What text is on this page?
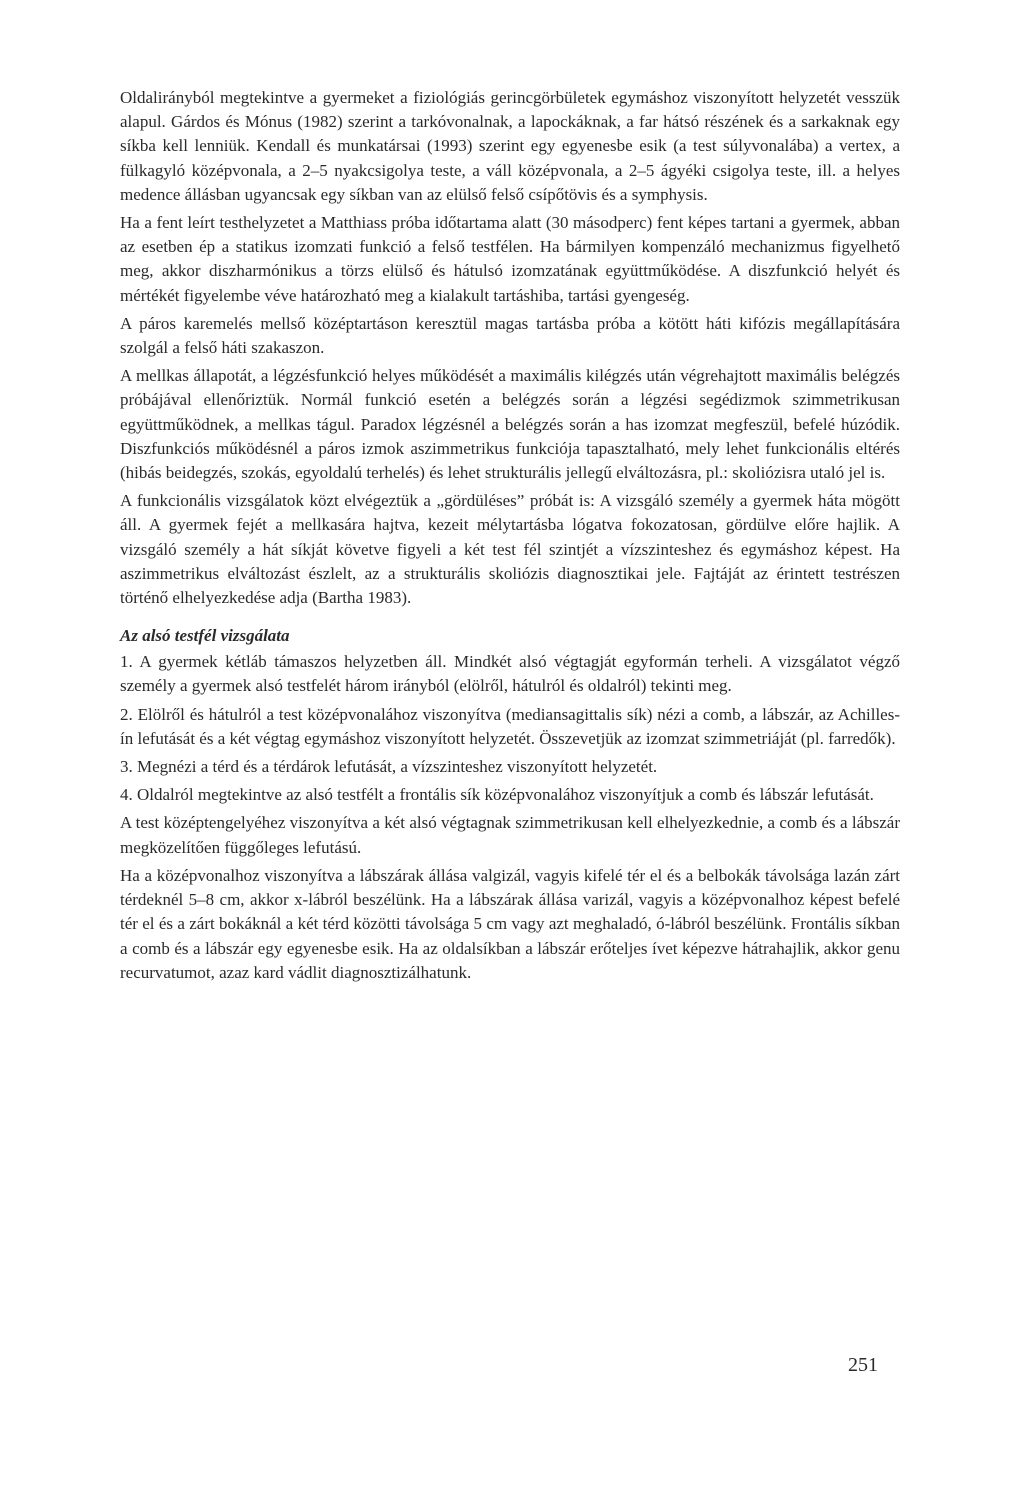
Oldalirányból megtekintve a gyermeket a fiziológiás gerincgörbületek egymáshoz viszonyított helyzetét vesszük alapul. Gárdos és Mónus (1982) szerint a tarkóvonalnak, a lapockáknak, a far hátsó részének és a sarkaknak egy síkba kell lenniük. Kendall és munkatársai (1993) szerint egy egyenesbe esik (a test súlyvonalába) a vertex, a fülkagyló középvonala, a 2–5 nyakcsigolya teste, a váll középvonala, a 2–5 ágyéki csigolya teste, ill. a helyes medence állásban ugyancsak egy síkban van az elülső felső csípőtövis és a symphysis.

Ha a fent leírt testhelyzetet a Matthiass próba időtartama alatt (30 másodperc) fent képes tartani a gyermek, abban az esetben ép a statikus izomzati funkció a felső testfélen. Ha bármilyen kompenzáló mechanizmus figyelhető meg, akkor diszharmónikus a törzs elülső és hátulsó izomzatának együttműködése. A diszfunkció helyét és mértékét figyelembe véve határozható meg a kialakult tartáshiba, tartási gyengeség.

A páros karemelés mellső középtartáson keresztül magas tartásba próba a kötött háti kifózis megállapítására szolgál a felső háti szakaszon.

A mellkas állapotát, a légzésfunkció helyes működését a maximális kilégzés után végrehajtott maximális belégzés próbájával ellenőriztük. Normál funkció esetén a belégzés során a légzési segédizmok szimmetrikusan együttműködnek, a mellkas tágul. Paradox légzésnél a belégzés során a has izomzat megfeszül, befelé húzódik. Diszfunkciós működésnél a páros izmok aszimmetrikus funkciója tapasztalható, mely lehet funkcionális eltérés (hibás beidegzés, szokás, egyoldalú terhelés) és lehet strukturális jellegű elváltozásra, pl.: skoliózisra utaló jel is.

A funkcionális vizsgálatok közt elvégeztük a „gördüléses” próbát is: A vizsgáló személy a gyermek háta mögött áll. A gyermek fejét a mellkasára hajtva, kezeit mélytartásba lógatva fokozatosan, gördülve előre hajlik. A vizsgáló személy a hát síkját követve figyeli a két test fél szintjét a vízszinteshez és egymáshoz képest. Ha aszimmetrikus elváltozást észlelt, az a strukturális skoliózis diagnosztikai jele. Fajtáját az érintett testrészen történő elhelyezkedése adja (Bartha 1983).

Az alsó testfél vizsgálata

1. A gyermek kétláb támaszos helyzetben áll. Mindkét alsó végtagját egyformán terheli. A vizsgálatot végző személy a gyermek alsó testfelét három irányból (elölről, hátulról és oldalról) tekinti meg.

2. Elölről és hátulról a test középvonalához viszonyítva (mediansagittalis sík) nézi a comb, a lábszár, az Achilles-ín lefutását és a két végtag egymáshoz viszonyított helyzetét. Összevetjük az izomzat szimmetriáját (pl. farredők).

3. Megnézi a térd és a térdárok lefutását, a vízszinteshez viszonyított helyzetét.

4. Oldalról megtekintve az alsó testfélt a frontális sík középvonalához viszonyítjuk a comb és lábszár lefutását.

A test középtengelyéhez viszonyítva a két alsó végtagnak szimmetrikusan kell elhelyezkednie, a comb és a lábszár megközelítően függőleges lefutású.

Ha a középvonalhoz viszonyítva a lábszárak állása valgizál, vagyis kifelé tér el és a belbokák távolsága lazán zárt térdeknél 5–8 cm, akkor x-lábról beszélünk. Ha a lábszárak állása varizál, vagyis a középvonalhoz képest befelé tér el és a zárt bokáknál a két térd közötti távolsága 5 cm vagy azt meghaladó, ó-lábról beszélünk. Frontális síkban a comb és a lábszár egy egyenesbe esik. Ha az oldalsíkban a lábszár erőteljes ívet képezve hátrahajlik, akkor genu recurvatumot, azaz kard vádlit diagnosztizálhatunk.

251
